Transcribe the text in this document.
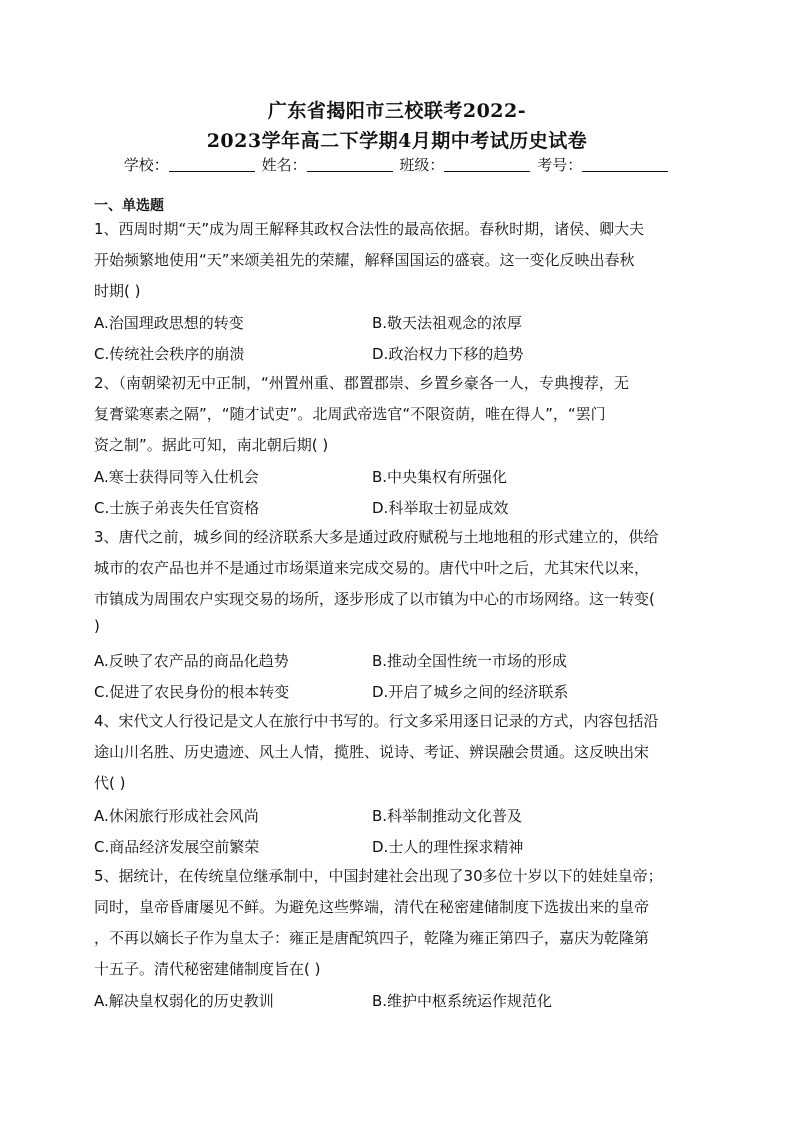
广东省揭阳市三校联考2022-
2023学年高二下学期4月期中考试历史试卷
学校：	姓名：	班级：	考号：
一、单选题
1、西周时期“天”成为周王解释其政权合法性的最高依据。春秋时期，诸侯、卿大夫
开始频繁地使用“天”来颂美祖先的荣耀，解释国国运的盛衰。这一变化反映出春秋
时期( )
A.治国理政思想的转变	B.敬天法祖观念的浓厚
C.传统社会秩序的崩溃	D.政治权力下移的趋势
2、（南朝梁初无中正制，“州置州重、郡置郡崇、乡置乡豪各一人，专典搜荐，无
复膏粱寒素之隔”，“随才试吏”。北周武帝选官“不限资荫，唯在得人”，“罢门
资之制”。据此可知，南北朝后期( )
A.寒士获得同等入仕机会	B.中央集权有所强化
C.士族子弟丧失任官资格	D.科举取士初显成效
3、唐代之前，城乡间的经济联系大多是通过政府赋税与土地地租的形式建立的，供给
城市的农产品也并不是通过市场渠道来完成交易的。唐代中叶之后，尤其宋代以来，
市镇成为周围农户实现交易的场所，逐步形成了以市镇为中心的市场网络。这一转变(
)
A.反映了农产品的商品化趋势	B.推动全国性统一市场的形成
C.促进了农民身份的根本转变	D.开启了城乡之间的经济联系
4、宋代文人行役记是文人在旅行中书写的。行文多采用逐日记录的方式，内容包括沿
途山川名胜、历史遗迹、风土人情，揽胜、说诗、考证、辨误融会贯通。这反映出宋
代( )
A.休闲旅行形成社会风尚	B.科举制推动文化普及
C.商品经济发展空前繁荣	D.士人的理性探求精神
5、据统计，在传统皇位继承制中，中国封建社会出现了30多位十岁以下的娃娃皇帝；
同时，皇帝昏庸屡见不鲜。为避免这些弊端，清代在秘密建储制度下选拔出来的皇帝
，不再以嫡长子作为皇太子：雍正是唐配筑四子，乾隆为雍正第四子，嘉庆为乾隆第
十五子。清代秘密建储制度旨在( )
A.解决皇权弱化的历史教训	B.维护中枢系统运作规范化
